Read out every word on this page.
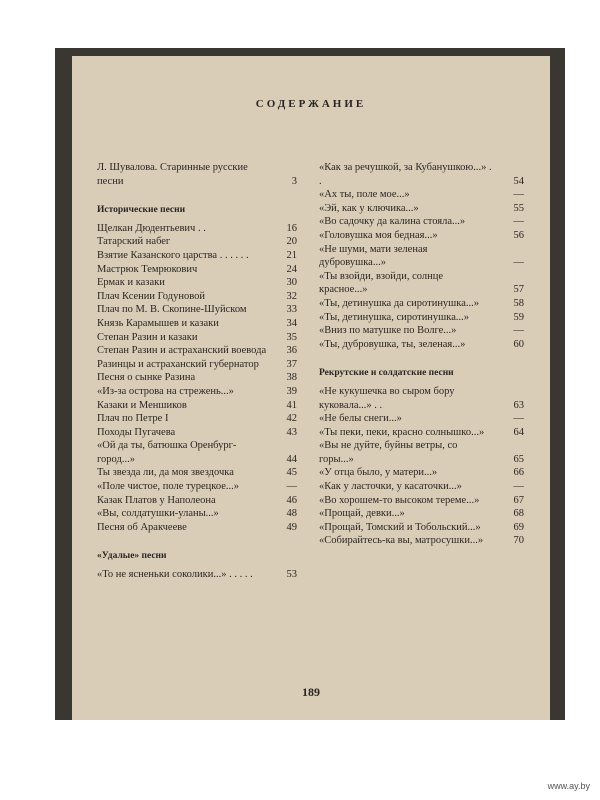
СОДЕРЖАНИЕ
Л. Шувалова. Старинные русские песни	3
Исторические песни
Щелкан Дюдентьевич . .	16
Татарский набег	20
Взятие Казанского царства . . . . . .	21
Мастрюк Темрюкович	24
Ермак и казаки	30
Плач Ксении Годуновой	32
Плач по М. В. Скопине-Шуйском	33
Князь Карамышев и казаки	34
Степан Разин и казаки	35
Степан Разин и астраханский воевода	36
Разинцы и астраханский губернатор	37
Песня о сынке Разина	38
«Из-за острова на стрежень...»	39
Казаки и Меншиков	41
Плач по Петре I	42
Походы Пугачева	43
«Ой да ты, батюшка Оренбург-город...»	44
Ты звезда ли, да моя звездочка	45
«Поле чистое, поле турецкое...»	—
Казак Платов у Наполеона	46
«Вы, солдатушки-уланы...»	48
Песня об Аракчееве	49
«Удалые» песни
«То не ясненьки соколики...» . . . . .	53
«Как за речушкой, за Кубанушкою...» . .	54
«Ах ты, поле мое...»	—
«Эй, как у ключика...»	55
«Во садочку да калина стояла...»	—
«Головушка моя бедная...»	56
«Не шуми, мати зеленая дубровушка...»	—
«Ты взойди, взойди, солнце красное...»	57
«Ты, детинушка да сиротинушка...»	58
«Ты, детинушка, сиротинушка...»	59
«Вниз по матушке по Волге...»	—
«Ты, дубровушка, ты, зеленая...»	60
Рекрутские и солдатские песни
«Не кукушечка во сыром бору куковала...» . .	63
«Не белы снеги...»	—
«Ты пеки, пеки, красно солнышко...»	64
«Вы не дуйте, буйны ветры, со горы...»	65
«У отца было, у матери...»	66
«Как у ласточки, у касаточки...»	—
«Во хорошем-то высоком тереме...»	67
«Прощай, девки...»	68
«Прощай, Томский и Тобольский...»	69
«Собирайтесь-ка вы, матросушки...»	70
189
www.ay.by
